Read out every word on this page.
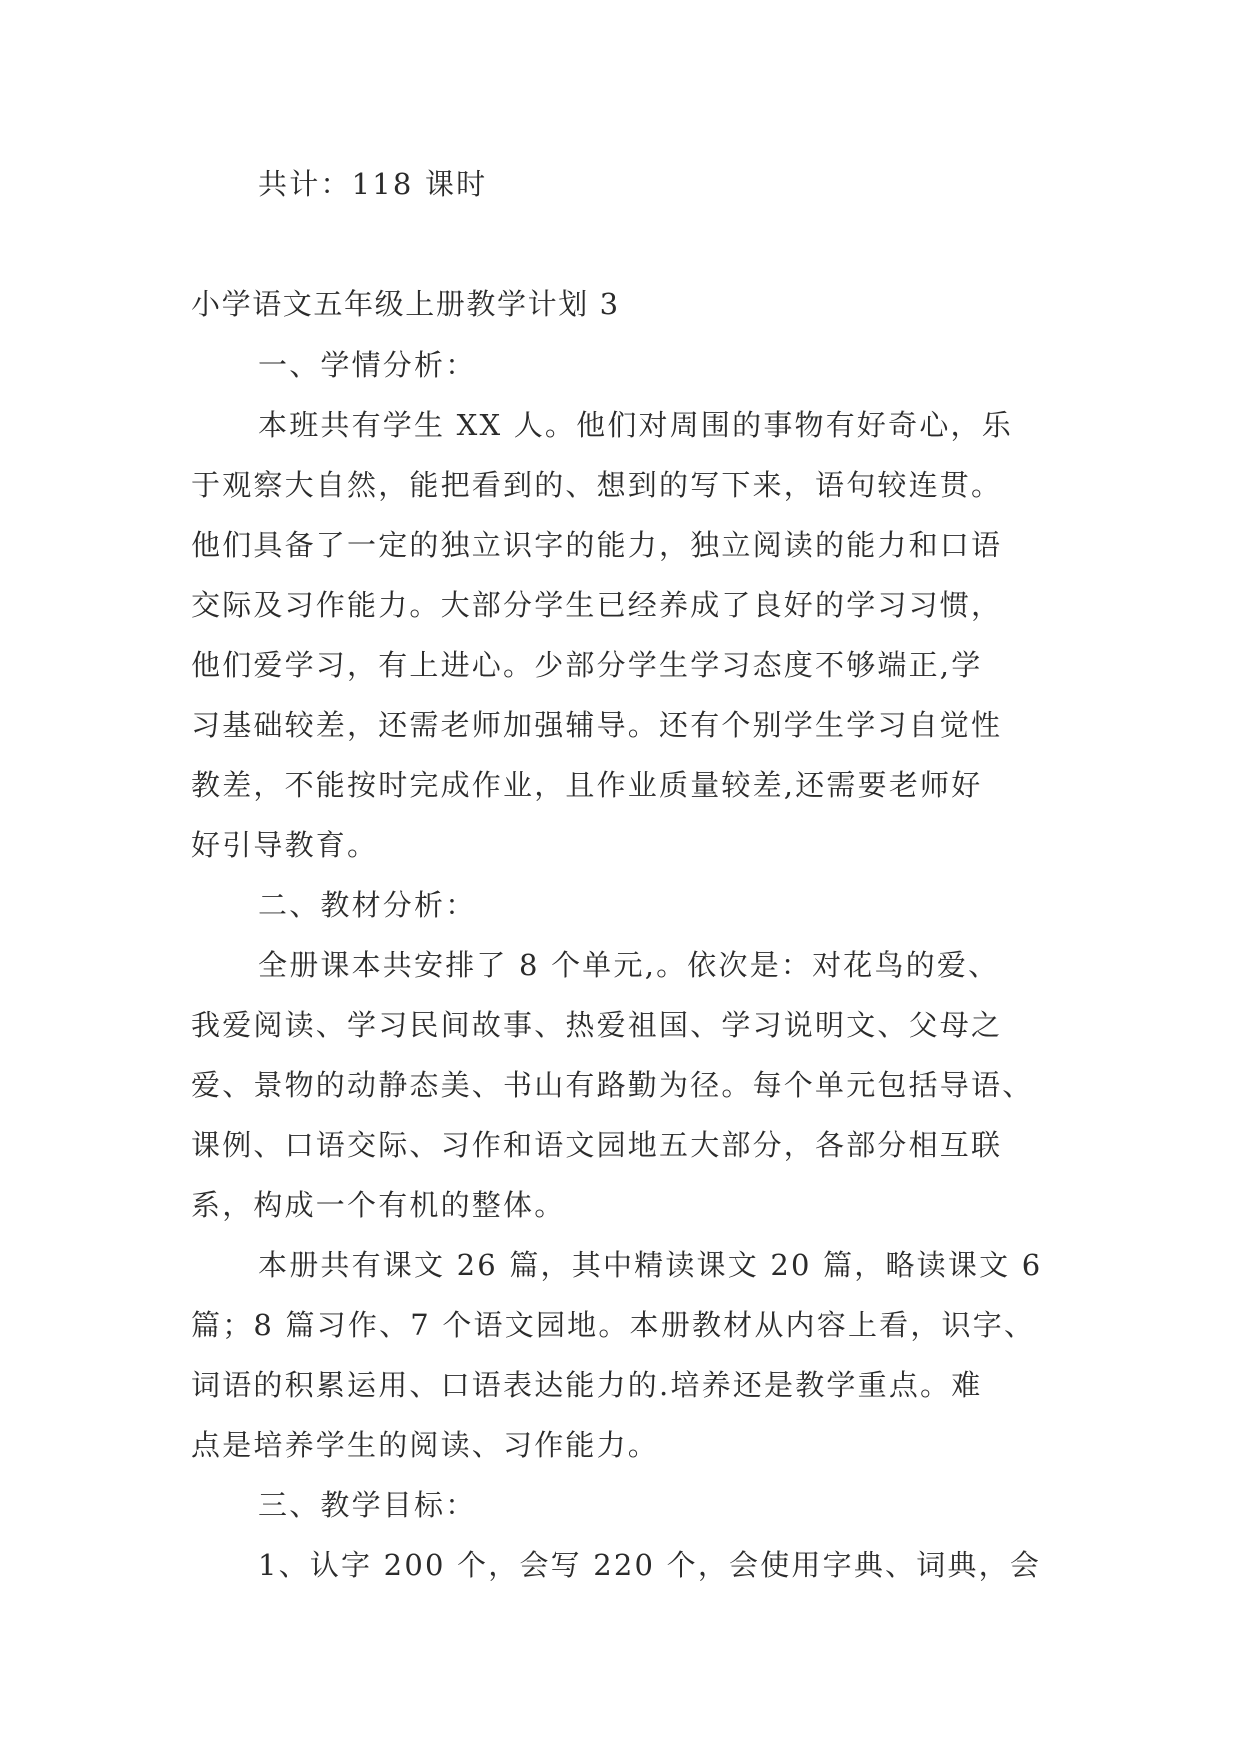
共计：118 课时
小学语文五年级上册教学计划 3
一、学情分析：
本班共有学生 XX 人。他们对周围的事物有好奇心，乐
于观察大自然，能把看到的、想到的写下来，语句较连贯。
他们具备了一定的独立识字的能力，独立阅读的能力和口语
交际及习作能力。大部分学生已经养成了良好的学习习惯，
他们爱学习，有上进心。少部分学生学习态度不够端正,学
习基础较差，还需老师加强辅导。还有个别学生学习自觉性
教差，不能按时完成作业，且作业质量较差,还需要老师好
好引导教育。
二、教材分析：
全册课本共安排了 8 个单元,。依次是：对花鸟的爱、
我爱阅读、学习民间故事、热爱祖国、学习说明文、父母之
爱、景物的动静态美、书山有路勤为径。每个单元包括导语、
课例、口语交际、习作和语文园地五大部分，各部分相互联
系，构成一个有机的整体。
本册共有课文 26 篇，其中精读课文 20 篇，略读课文 6
篇；8 篇习作、7 个语文园地。本册教材从内容上看，识字、
词语的积累运用、口语表达能力的.培养还是教学重点。难
点是培养学生的阅读、习作能力。
三、教学目标：
1、认字 200 个，会写 220 个，会使用字典、词典，会
